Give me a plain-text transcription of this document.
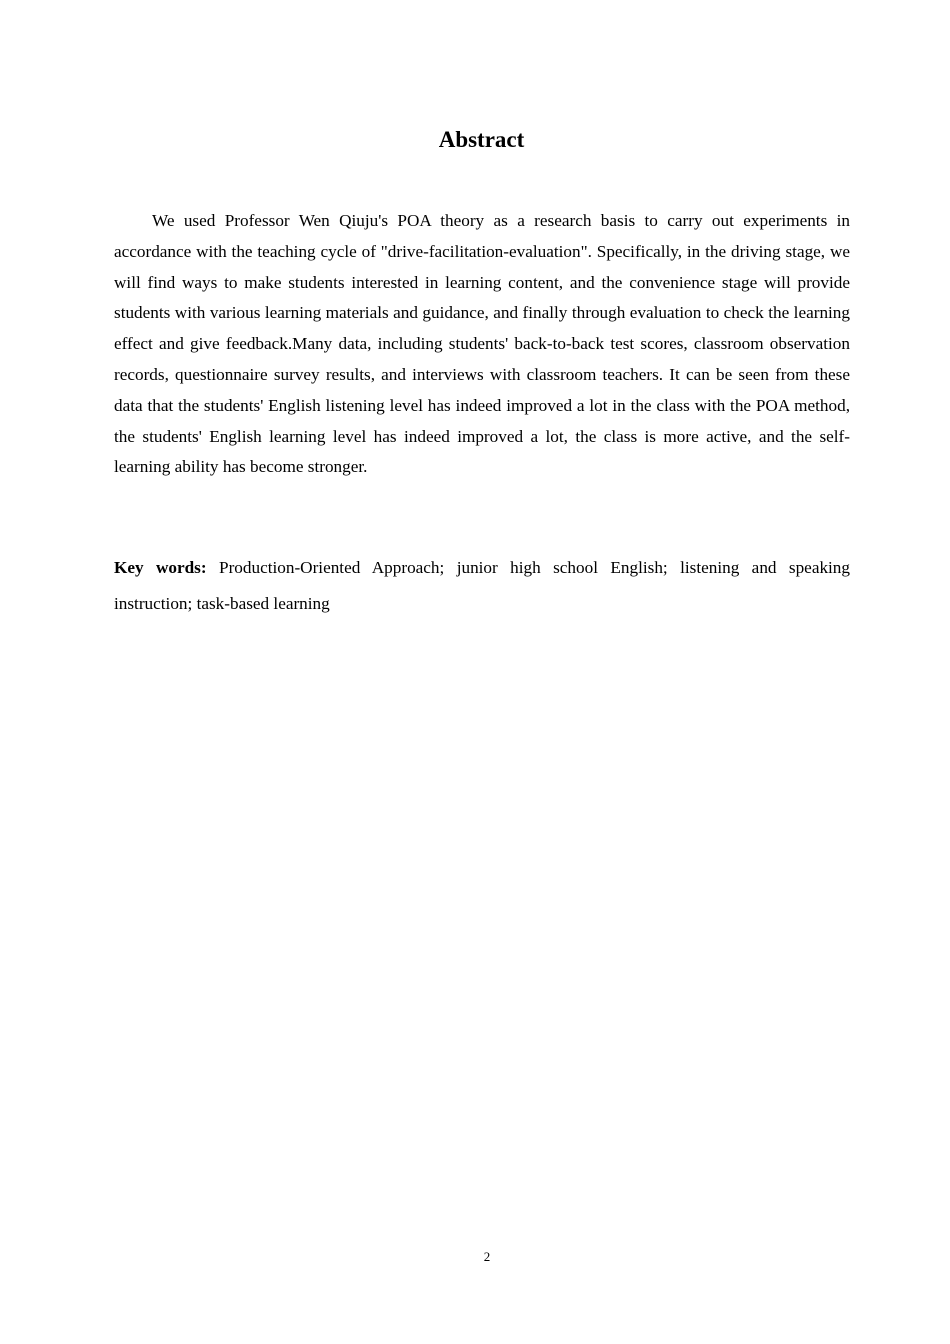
Abstract

We used Professor Wen Qiuju's POA theory as a research basis to carry out experiments in accordance with the teaching cycle of "drive-facilitation-evaluation". Specifically, in the driving stage, we will find ways to make students interested in learning content, and the convenience stage will provide students with various learning materials and guidance, and finally through evaluation to check the learning effect and give feedback.Many data, including students' back-to-back test scores, classroom observation records, questionnaire survey results, and interviews with classroom teachers. It can be seen from these data that the students' English listening level has indeed improved a lot in the class with the POA method, the students' English learning level has indeed improved a lot, the class is more active, and the self-learning ability has become stronger.

Key words: Production-Oriented Approach; junior high school English; listening and speaking instruction; task-based learning

2
